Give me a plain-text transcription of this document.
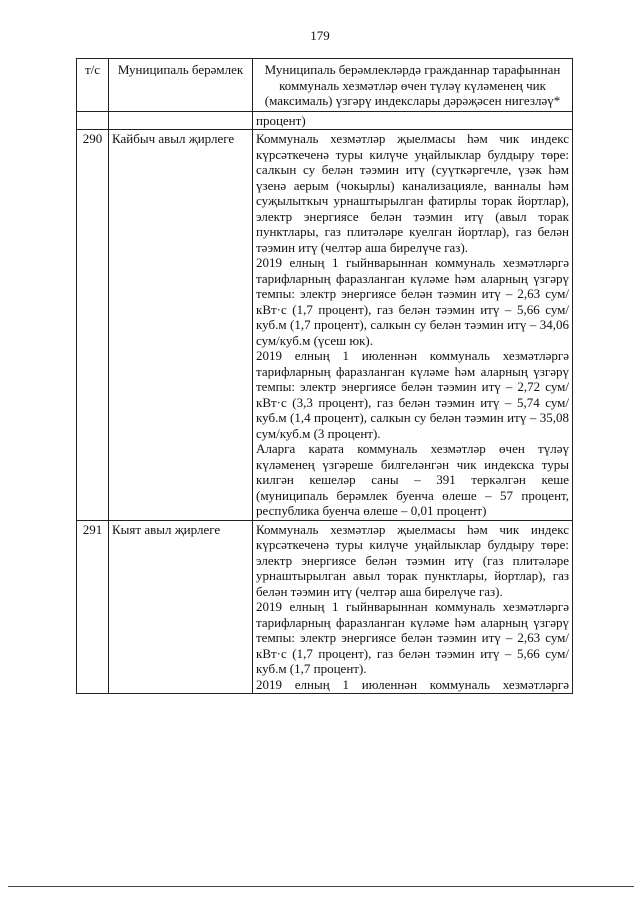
179
т/с	Муниципаль берәмлек	Муниципаль берәмлекләрдә гражданнар тарафыннан коммуналь хезмәтләр өчен түләү күләменең чик (максималь) үзгәрү индекслары дәрәҗәсен нигезләү*

		процент)

290	Кайбыч авыл җирлеге	Коммуналь хезмәтләр җыелмасы һәм чик индекс күрсәткеченә туры килүче уңайлыклар булдыру төре: салкын су белән тәэмин итү (суүткәргечле, үзәк һәм үзенә аерым (чокырлы) канализацияле, ванналы һәм суҗылыткыч урнаштырылган фатирлы торак йортлар), электр энергиясе белән тәэмин итү (авыл торак пунктлары, газ плитәләре куелган йортлар), газ белән тәэмин итү (челтәр аша бирелүче газ).

2019 елның 1 гыйнварыннан коммуналь хезмәтләргә тарифларның фаразланган күләме һәм аларның үзгәрү темпы: электр энергиясе белән тәэмин итү – 2,63 сум/кВт·с (1,7 процент), газ белән тәэмин итү – 5,66 сум/куб.м (1,7 процент), салкын су белән тәэмин итү – 34,06 сум/куб.м (үсеш юк).

2019 елның 1 июленнән коммуналь хезмәтләргә тарифларның фаразланган күләме һәм аларның үзгәрү темпы: электр энергиясе белән тәэмин итү – 2,72 сум/кВт·с (3,3 процент), газ белән тәэмин итү – 5,74 сум/куб.м (1,4 процент), салкын су белән тәэмин итү – 35,08 сум/куб.м (3 процент).

Аларга карата коммуналь хезмәтләр өчен түләү күләменең үзгәреше билгеләнгән чик индекска туры килгән кешеләр саны – 391 теркәлгән кеше (муниципаль берәмлек буенча өлеше – 57 процент, республика буенча өлеше – 0,01 процент)

291	Кыят авыл җирлеге	Коммуналь хезмәтләр җыелмасы һәм чик индекс күрсәткеченә туры килүче уңайлыклар булдыру төре: электр энергиясе белән тәэмин итү (газ плитәләре урнаштырылган авыл торак пунктлары, йортлар), газ белән тәэмин итү (челтәр аша бирелүче газ).

2019 елның 1 гыйнварыннан коммуналь хезмәтләргә тарифларның фаразланган күләме һәм аларның үзгәрү темпы: электр энергиясе белән тәэмин итү – 2,63 сум/кВт·с (1,7 процент), газ белән тәэмин итү – 5,66 сум/куб.м (1,7 процент).

2019 елның 1 июленнән коммуналь хезмәтләргә
